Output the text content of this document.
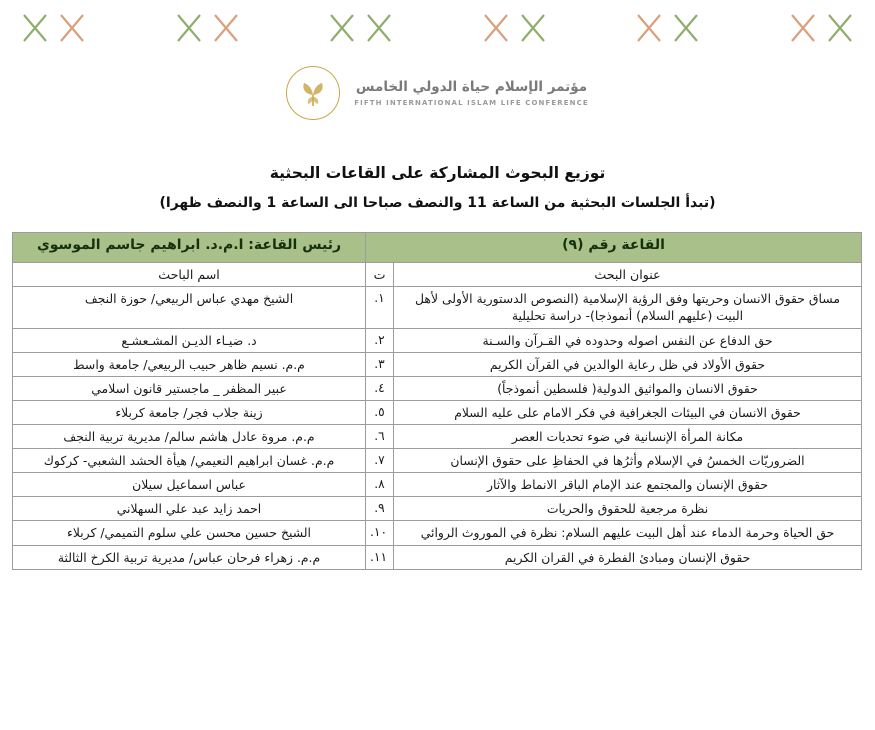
مؤتمر الإسلام حياة الدولي الخامس
FIFTH INTERNATIONAL ISLAM LIFE CONFERENCE
توزيع البحوث المشاركة على القاعات البحثية
(تبدأ الجلسات البحثية من الساعة 11 والنصف صباحا الى الساعة 1 والنصف ظهرا)
القاعة رقم (٩)		رئيس القاعة: ا.م.د. ابراهيم جاسم الموسوي
عنوان البحث	ت	اسم الباحث
مساق حقوق الانسان وحريتها وفق الرؤية الإسلامية (النصوص الدستورية الأولى لأهل البيت (عليهم السلام) أنموذجا)- دراسة تحليلية	١.	الشيخ مهدي عباس الربيعي/ حوزة النجف
حق الدفاع عن النفس اصوله وحدوده في القـرآن والسـنة	٢.	د. ضيـاء الديـن المشـعشـع
حقوق الأولاد في ظل رعاية الوالدين في القرآن الكريم	٣.	م.م. نسيم ظاهر حبيب الربيعي/ جامعة واسط
حقوق الانسان والمواثيق الدولية( فلسطين أنموذجاً)	٤.	عبير المظفر _ ماجستير قانون اسلامي
حقوق الانسان في البيئات الجغرافية في فكر الامام على عليه السلام	٥.	زينة جلاب فجر/ جامعة كربلاء
مكانة المرأة الإنسانية في ضوء تحديات العصر	٦.	م.م. مروة عادل هاشم سالم/ مديرية تربية النجف
الضروريّات الخمسُ في الإسلام وأثرُها في الحفاظِ على حقوق الإنسان	٧.	م.م. غسان ابراهيم النعيمي/ هيأة الحشد الشعبي- كركوك
حقوق الإنسان والمجتمع عند الإمام الباقر الانماط والآثار	٨.	عباس اسماعيل سيلان
نظرة مرجعية للحقوق والحريات	٩.	احمد زايد عبد علي السهلاني
حق الحياة وحرمة الدماء عند أهل البيت عليهم السلام: نظرة في الموروث الروائي	١٠.	الشيخ حسين محسن علي سلوم التميمي/ كربلاء
حقوق الإنسان ومبادئ الفطرة في القران الكريم	١١.	م.م. زهراء فرحان عباس/ مديرية تربية الكرخ الثالثة
